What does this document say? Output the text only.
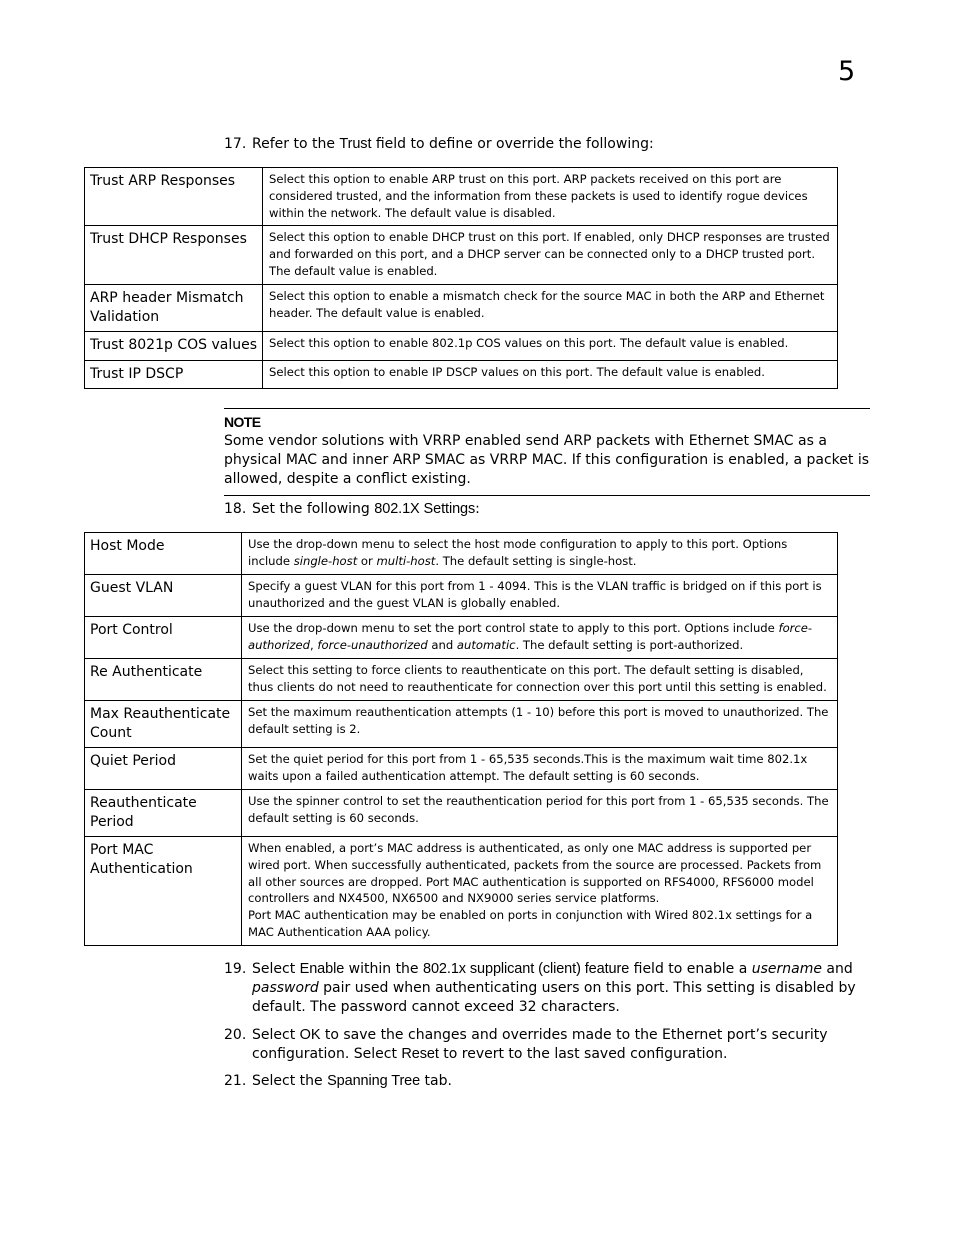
5
17. Refer to the Trust field to define or override the following:
Trust ARP Responses	Select this option to enable ARP trust on this port. ARP packets received on this port are considered trusted, and the information from these packets is used to identify rogue devices within the network. The default value is disabled.
Trust DHCP Responses	Select this option to enable DHCP trust on this port. If enabled, only DHCP responses are trusted and forwarded on this port, and a DHCP server can be connected only to a DHCP trusted port. The default value is enabled.
ARP header Mismatch Validation	Select this option to enable a mismatch check for the source MAC in both the ARP and Ethernet header. The default value is enabled.
Trust 8021p COS values	Select this option to enable 802.1p COS values on this port. The default value is enabled.
Trust IP DSCP	Select this option to enable IP DSCP values on this port. The default value is enabled.
NOTE
Some vendor solutions with VRRP enabled send ARP packets with Ethernet SMAC as a physical MAC and inner ARP SMAC as VRRP MAC. If this configuration is enabled, a packet is allowed, despite a conflict existing.
18. Set the following 802.1X Settings:
Host Mode	Use the drop-down menu to select the host mode configuration to apply to this port. Options include single-host or multi-host. The default setting is single-host.
Guest VLAN	Specify a guest VLAN for this port from 1 - 4094. This is the VLAN traffic is bridged on if this port is unauthorized and the guest VLAN is globally enabled.
Port Control	Use the drop-down menu to set the port control state to apply to this port. Options include force-authorized, force-unauthorized and automatic. The default setting is port-authorized.
Re Authenticate	Select this setting to force clients to reauthenticate on this port. The default setting is disabled, thus clients do not need to reauthenticate for connection over this port until this setting is enabled.
Max Reauthenticate Count	Set the maximum reauthentication attempts (1 - 10) before this port is moved to unauthorized. The default setting is 2.
Quiet Period	Set the quiet period for this port from 1 - 65,535 seconds.This is the maximum wait time 802.1x waits upon a failed authentication attempt. The default setting is 60 seconds.
Reauthenticate Period	Use the spinner control to set the reauthentication period for this port from 1 - 65,535 seconds. The default setting is 60 seconds.
Port MAC Authentication	When enabled, a port’s MAC address is authenticated, as only one MAC address is supported per wired port. When successfully authenticated, packets from the source are processed. Packets from all other sources are dropped. Port MAC authentication is supported on RFS4000, RFS6000 model controllers and NX4500, NX6500 and NX9000 series service platforms.

Port MAC authentication may be enabled on ports in conjunction with Wired 802.1x settings for a MAC Authentication AAA policy.

19. Select Enable within the 802.1x supplicant (client) feature field to enable a username and password pair used when authenticating users on this port. This setting is disabled by default. The password cannot exceed 32 characters.
20. Select OK to save the changes and overrides made to the Ethernet port’s security configuration. Select Reset to revert to the last saved configuration.
21. Select the Spanning Tree tab.
